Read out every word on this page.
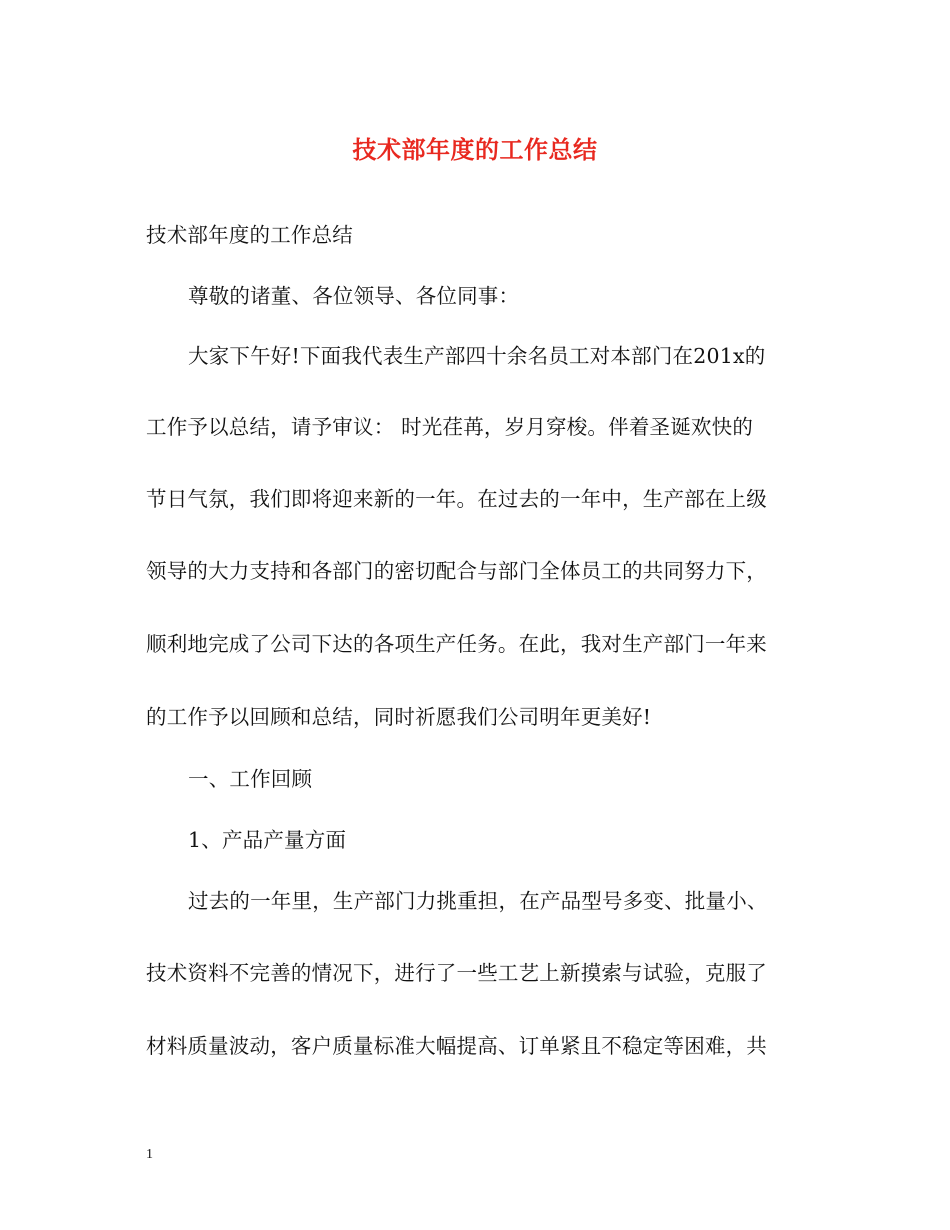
技术部年度的工作总结
技术部年度的工作总结
尊敬的诸董、各位领导、各位同事：
大家下午好!下面我代表生产部四十余名员工对本部门在201x的
工作予以总结，请予审议： 时光荏苒，岁月穿梭。伴着圣诞欢快的
节日气氛，我们即将迎来新的一年。在过去的一年中，生产部在上级
领导的大力支持和各部门的密切配合与部门全体员工的共同努力下，
顺利地完成了公司下达的各项生产任务。在此，我对生产部门一年来
的工作予以回顾和总结，同时祈愿我们公司明年更美好!
一、工作回顾
1、产品产量方面
过去的一年里，生产部门力挑重担，在产品型号多变、批量小、
技术资料不完善的情况下，进行了一些工艺上新摸索与试验，克服了
材料质量波动，客户质量标准大幅提高、订单紧且不稳定等困难，共
1
